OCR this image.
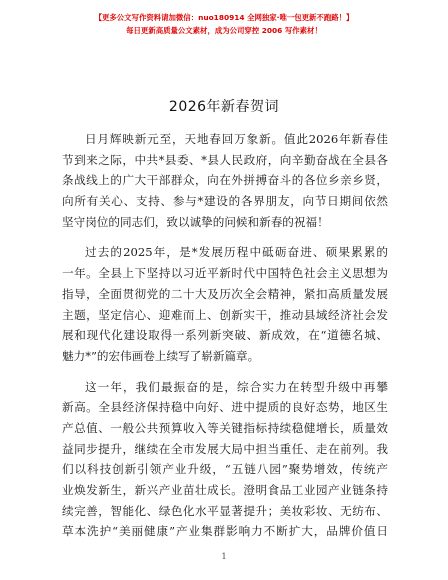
【更多公文写作资料请加微信：nuo180914 全网独家∙唯一包更新不跑路！】
每日更新高质量公文素材，成为公司穿控 2006 写作素材！
2026年新春贺词
日月辉映新元至，天地春回万象新。值此2026年新春佳
节到来之际，中共*县委、*县人民政府，向辛勤奋战在全县各
条战线上的广大干部群众，向在外拼搏奋斗的各位乡亲乡贤，
向所有关心、支持、参与*建设的各界朋友，向节日期间依然
坚守岗位的同志们，致以诚挚的问候和新春的祝福！
过去的2025年，是*发展历程中砥砺奋进、硕果累累的
一年。全县上下坚持以习近平新时代中国特色社会主义思想为
指导，全面贯彻党的二十大及历次全会精神，紧扣高质量发展
主题，坚定信心、迎难而上、创新实干，推动县域经济社会发
展和现代化建设取得一系列新突破、新成效，在“道德名城、
魅力*”的宏伟画卷上续写了崭新篇章。
这一年，我们最振奋的是，综合实力在转型升级中再攀
新高。全县经济保持稳中向好、进中提质的良好态势，地区生
产总值、一般公共预算收入等关键指标持续稳健增长，质量效
益同步提升，继续在全市发展大局中担当重任、走在前列。我
们以科技创新引领产业升级，“五链八园”聚势增效，传统产
业焕发新生，新兴产业苗壮成长。澄明食品工业园产业链条持
续完善，智能化、绿色化水平显著提升；美妆彩妆、无纺布、
草本洗护“美丽健康”产业集群影响力不断扩大，品牌价值日
1
